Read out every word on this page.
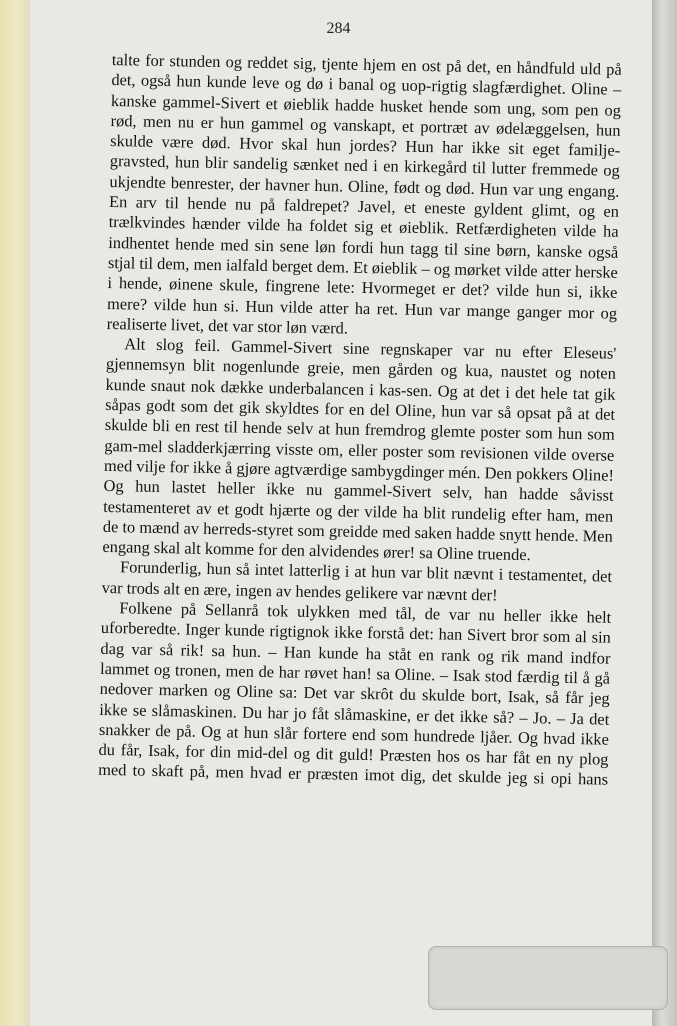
284

talte for stunden og reddet sig, tjente hjem en ost på det, en håndfuld uld på det, også hun kunde leve og dø i banal og uop-rigtig slagfærdighet. Oline – kanske gammel-Sivert et øieblik hadde husket hende som ung, som pen og rød, men nu er hun gammel og vanskapt, et portræt av ødelæggelsen, hun skulde være død. Hvor skal hun jordes? Hun har ikke sit eget familje-gravsted, hun blir sandelig sænket ned i en kirkegård til lutter fremmede og ukjendte benrester, der havner hun. Oline, født og død. Hun var ung engang. En arv til hende nu på faldrepet? Javel, et eneste gyldent glimt, og en trælkvindes hænder vilde ha foldet sig et øieblik. Retfærdigheten vilde ha indhentet hende med sin sene løn fordi hun tagg til sine børn, kanske også stjal til dem, men ialfald berget dem. Et øieblik – og mørket vilde atter herske i hende, øinene skule, fingrene lete: Hvormeget er det? vilde hun si, ikke mere? vilde hun si. Hun vilde atter ha ret. Hun var mange ganger mor og realiserte livet, det var stor løn værd.

Alt slog feil. Gammel-Sivert sine regnskaper var nu efter Eleseus' gjennemsyn blit nogenlunde greie, men gården og kua, naustet og noten kunde snaut nok dække underbalancen i kas-sen. Og at det i det hele tat gik såpas godt som det gik skyldtes for en del Oline, hun var så opsat på at det skulde bli en rest til hende selv at hun fremdrog glemte poster som hun som gam-mel sladderkjærring visste om, eller poster som revisionen vilde overse med vilje for ikke å gjøre agtværdige sambygdinger mén. Den pokkers Oline! Og hun lastet heller ikke nu gammel-Sivert selv, han hadde såvisst testamenteret av et godt hjærte og der vilde ha blit rundelig efter ham, men de to mænd av herreds-styret som greidde med saken hadde snytt hende. Men engang skal alt komme for den alvidendes ører! sa Oline truende.

Forunderlig, hun så intet latterlig i at hun var blit nævnt i testamentet, det var trods alt en ære, ingen av hendes gelikere var nævnt der!

Folkene på Sellanrå tok ulykken med tål, de var nu heller ikke helt uforberedte. Inger kunde rigtignok ikke forstå det: han Sivert bror som al sin dag var så rik! sa hun. – Han kunde ha ståt en rank og rik mand indfor lammet og tronen, men de har røvet han! sa Oline. – Isak stod færdig til å gå nedover marken og Oline sa: Det var skrôt du skulde bort, Isak, så får jeg ikke se slåmaskinen. Du har jo fåt slåmaskine, er det ikke så? – Jo. – Ja det snakker de på. Og at hun slår fortere end som hundrede ljåer. Og hvad ikke du får, Isak, for din mid-del og dit guld! Præsten hos os har fåt en ny plog med to skaft på, men hvad er præsten imot dig, det skulde jeg si opi hans
